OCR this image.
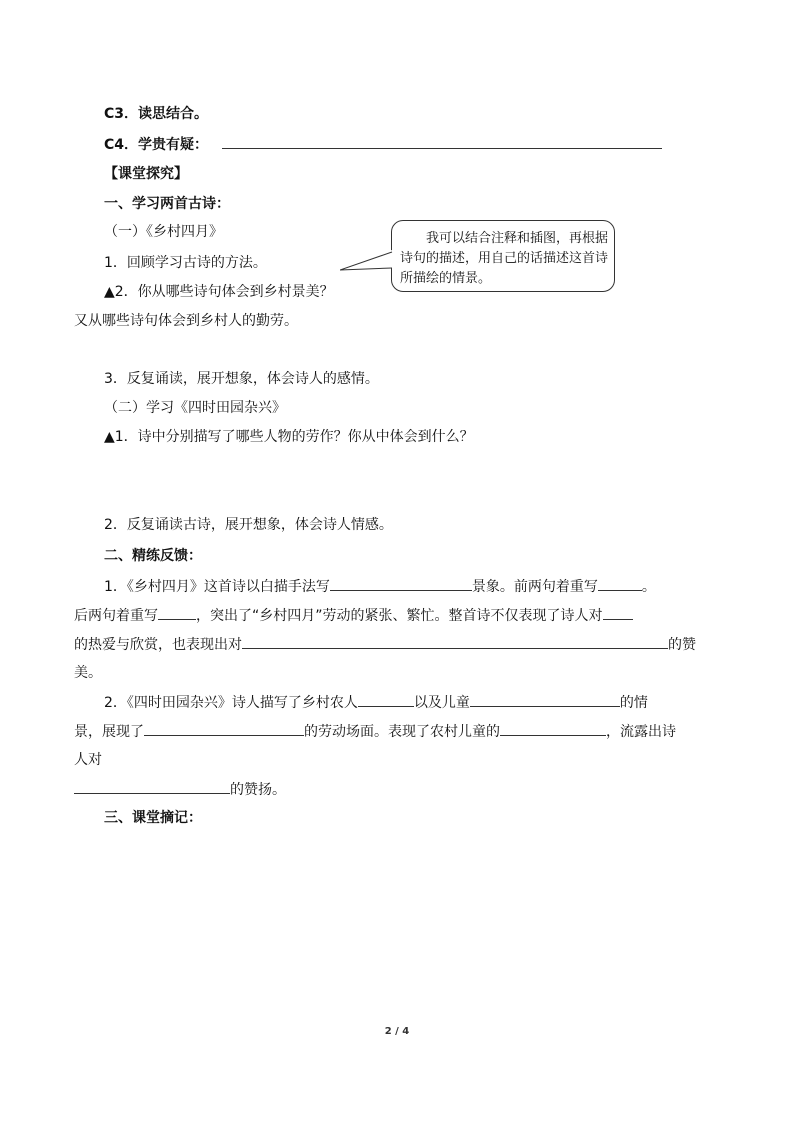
C3．读思结合。
C4．学贵有疑：
【课堂探究】
一、学习两首古诗：
（一）《乡村四月》
1．回顾学习古诗的方法。
▲2．你从哪些诗句体会到乡村景美？
又从哪些诗句体会到乡村人的勤劳。
我可以结合注释和插图，再根据诗句的描述，用自己的话描述这首诗所描绘的情景。
3．反复诵读，展开想象，体会诗人的感情。
（二）学习《四时田园杂兴》
▲1．诗中分别描写了哪些人物的劳作？你从中体会到什么？
2．反复诵读古诗，展开想象，体会诗人情感。
二、精练反馈：
1．《乡村四月》这首诗以白描手法写	景象。前两句着重写	。
后两句着重写	，突出了“乡村四月”劳动的紧张、繁忙。整首诗不仅表现了诗人对
的热爱与欣赏，也表现出对	的赞
美。
2．《四时田园杂兴》诗人描写了乡村农人	以及儿童	的情
景，展现了	的劳动场面。表现了农村儿童的	，流露出诗
人对
的赞扬。
三、课堂摘记：
2 / 4
